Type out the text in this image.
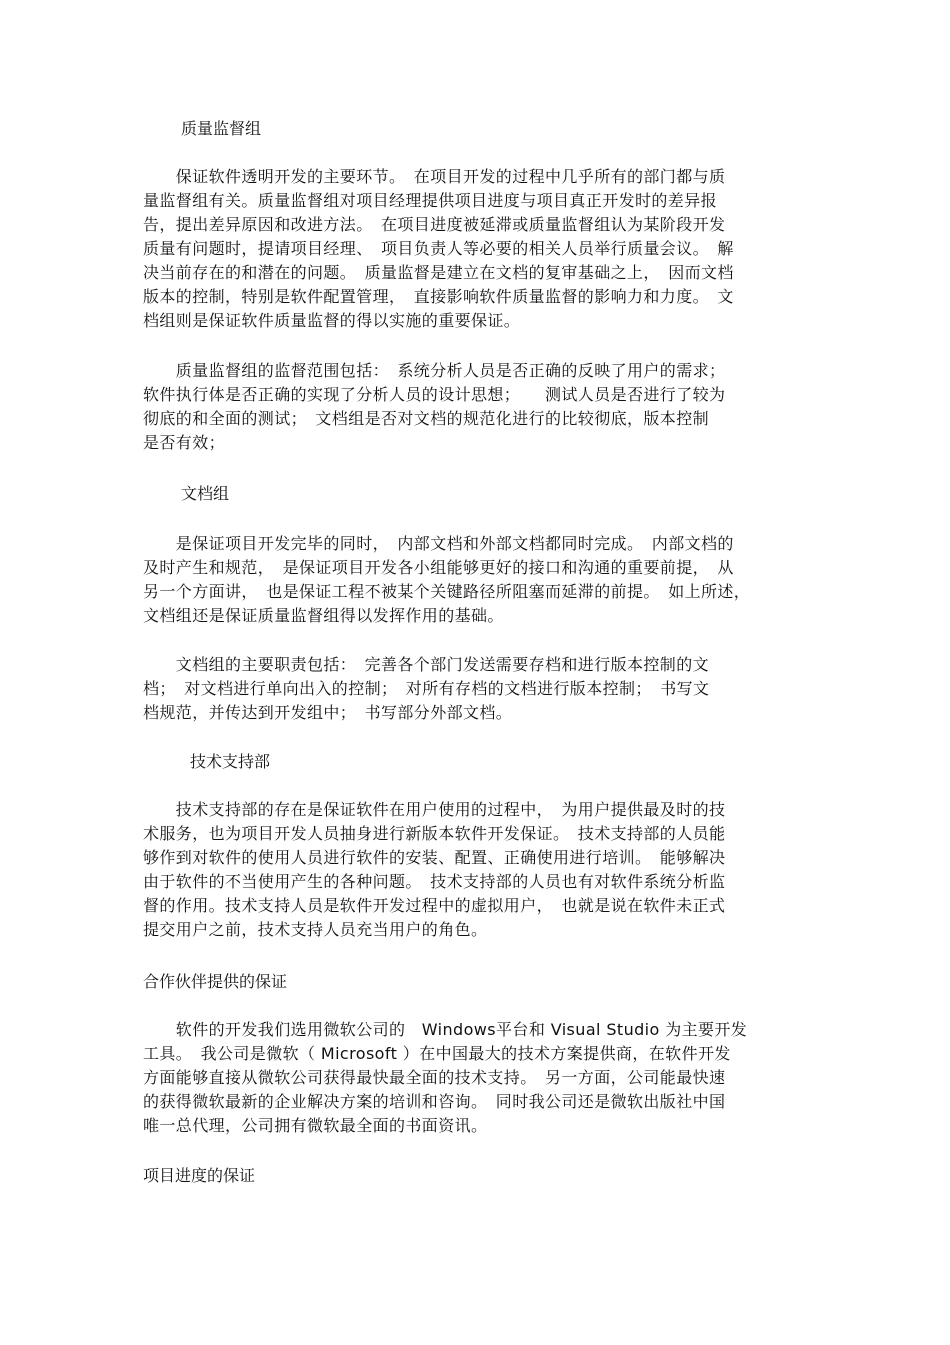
质量监督组
　　保证软件透明开发的主要环节。　在项目开发的过程中几乎所有的部门都与质
量监督组有关。质量监督组对项目经理提供项目进度与项目真正开发时的差异报
告，提出差异原因和改进方法。　在项目进度被延滞或质量监督组认为某阶段开发
质量有问题时，提请项目经理、　项目负责人等必要的相关人员举行质量会议。　解
决当前存在的和潜在的问题。　质量监督是建立在文档的复审基础之上，　因而文档
版本的控制，特别是软件配置管理，　直接影响软件质量监督的影响力和力度。　文
档组则是保证软件质量监督的得以实施的重要保证。
　　质量监督组的监督范围包括：　系统分析人员是否正确的反映了用户的需求；
软件执行体是否正确的实现了分析人员的设计思想；　　测试人员是否进行了较为
彻底的和全面的测试；　文档组是否对文档的规范化进行的比较彻底，版本控制
是否有效；
文档组
　　是保证项目开发完毕的同时，　内部文档和外部文档都同时完成。　内部文档的
及时产生和规范，　是保证项目开发各小组能够更好的接口和沟通的重要前提，　从
另一个方面讲，　也是保证工程不被某个关键路径所阻塞而延滞的前提。　如上所述，
文档组还是保证质量监督组得以发挥作用的基础。
　　文档组的主要职责包括：　完善各个部门发送需要存档和进行版本控制的文
档；　对文档进行单向出入的控制；　对所有存档的文档进行版本控制；　书写文
档规范，并传达到开发组中；　书写部分外部文档。
技术支持部
　　技术支持部的存在是保证软件在用户使用的过程中，　为用户提供最及时的技
术服务，也为项目开发人员抽身进行新版本软件开发保证。　技术支持部的人员能
够作到对软件的使用人员进行软件的安装、配置、正确使用进行培训。　能够解决
由于软件的不当使用产生的各种问题。　技术支持部的人员也有对软件系统分析监
督的作用。技术支持人员是软件开发过程中的虚拟用户，　也就是说在软件未正式
提交用户之前，技术支持人员充当用户的角色。
合作伙伴提供的保证
　　软件的开发我们选用微软公司的　Windows平台和 Visual Studio 为主要开发
工具。　我公司是微软（ Microsoft ）在中国最大的技术方案提供商，在软件开发
方面能够直接从微软公司获得最快最全面的技术支持。　另一方面，公司能最快速
的获得微软最新的企业解决方案的培训和咨询。　同时我公司还是微软出版社中国
唯一总代理，公司拥有微软最全面的书面资讯。
项目进度的保证
